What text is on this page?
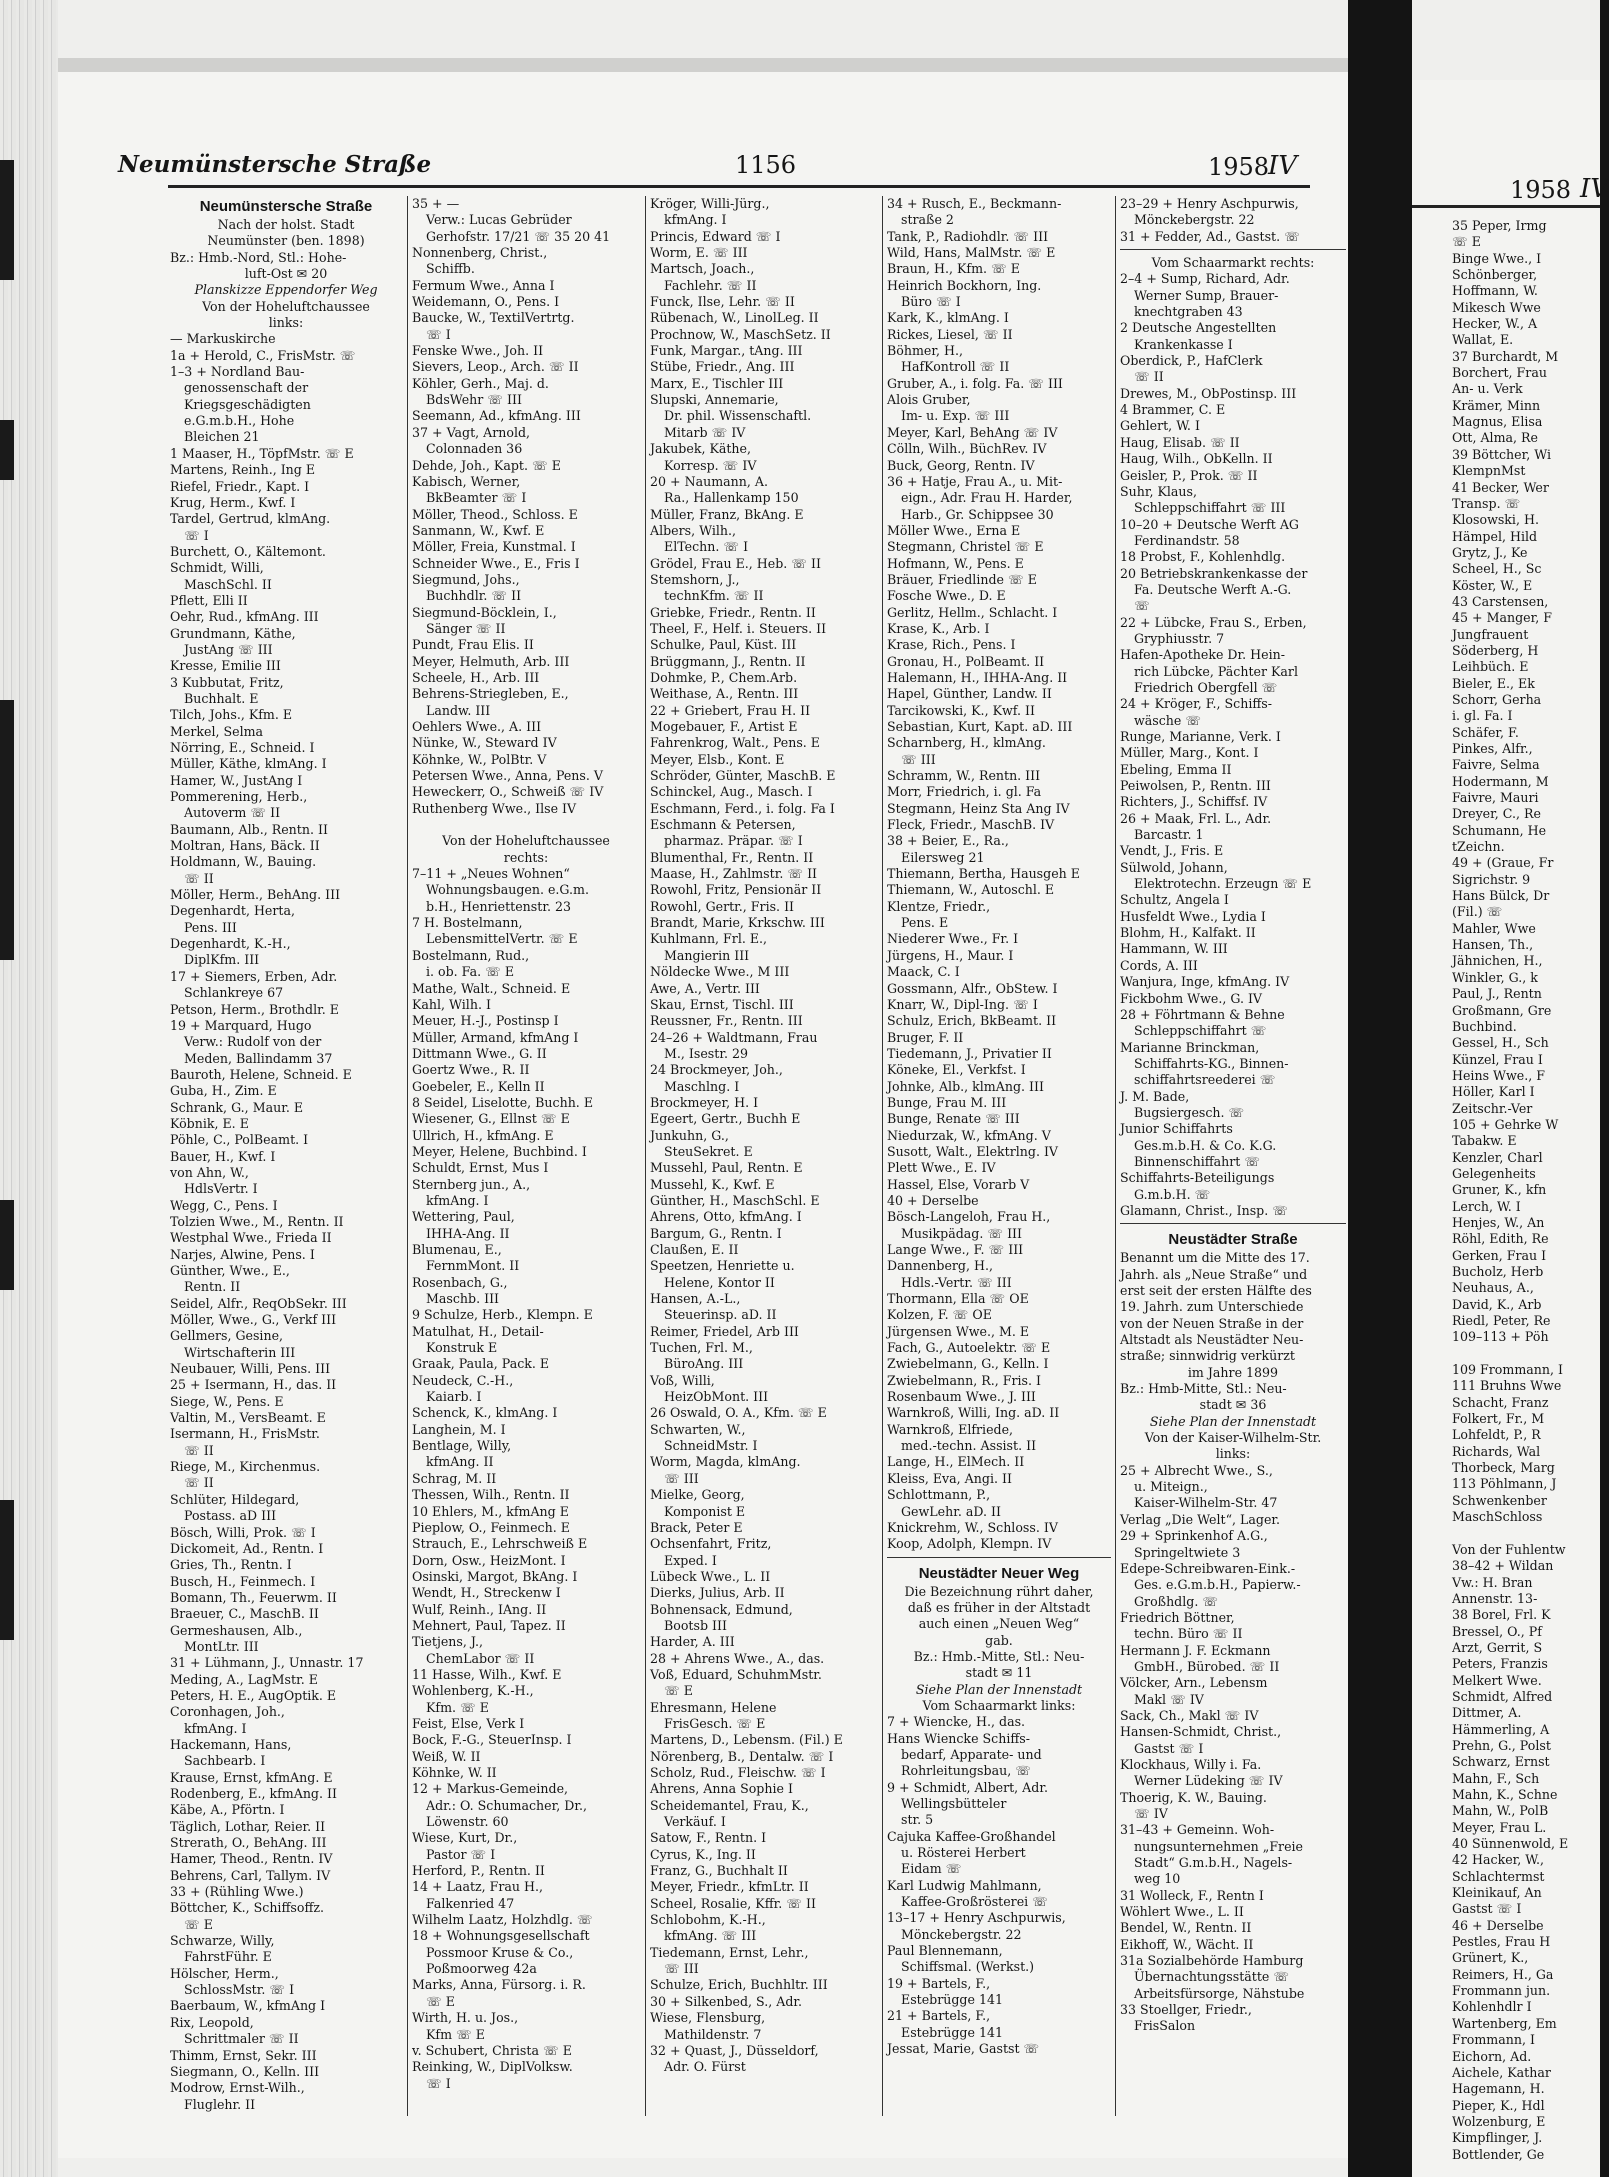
Neumünstersche Straße	1156	1958
IV
Neumünstersche Straße
Nach der holst. Stadt
Neumünster (ben. 1898)
Bz.: Hmb.-Nord, Stl.: Hohe-
luft-Ost ✉ 20
Planskizze Eppendorfer Weg
Von der Hoheluftchaussee
links:
— Markuskirche
1a + Herold, C., FrisMstr. ☏
1–3 + Nordland Bau-
genossenschaft der
Kriegsgeschädigten
e.G.m.b.H., Hohe
Bleichen 21
1 Maaser, H., TöpfMstr. ☏ E
Martens, Reinh., Ing E
Riefel, Friedr., Kapt. I
Krug, Herm., Kwf. I
Tardel, Gertrud, klmAng.
☏ I
Burchett, O., Kältemont.
Schmidt, Willi,
MaschSchl. II
Pflett, Elli II
Oehr, Rud., kfmAng. III
Grundmann, Käthe,
JustAng ☏ III
Kresse, Emilie III
3 Kubbutat, Fritz,
Buchhalt. E
Tilch, Johs., Kfm. E
Merkel, Selma
Nörring, E., Schneid. I
Müller, Käthe, klmAng. I
Hamer, W., JustAng I
Pommerening, Herb.,
Autoverm ☏ II
Baumann, Alb., Rentn. II
Moltran, Hans, Bäck. II
Holdmann, W., Bauing.
☏ II
Möller, Herm., BehAng. III
Degenhardt, Herta,
Pens. III
Degenhardt, K.-H.,
DiplKfm. III
17 + Siemers, Erben, Adr.
Schlankreye 67
Petson, Herm., Brothdlr. E
19 + Marquard, Hugo
Verw.: Rudolf von der
Meden, Ballindamm 37
Bauroth, Helene, Schneid. E
Guba, H., Zim. E
Schrank, G., Maur. E
Köbnik, E. E
Pöhle, C., PolBeamt. I
Bauer, H., Kwf. I
von Ahn, W.,
HdlsVertr. I
Wegg, C., Pens. I
Tolzien Wwe., M., Rentn. II
Westphal Wwe., Frieda II
Narjes, Alwine, Pens. I
Günther, Wwe., E.,
Rentn. II
Seidel, Alfr., ReqObSekr. III
Möller, Wwe., G., Verkf III
Gellmers, Gesine,
Wirtschafterin III
Neubauer, Willi, Pens. III
25 + Isermann, H., das. II
Siege, W., Pens. E
Valtin, M., VersBeamt. E
Isermann, H., FrisMstr.
☏ II
Riege, M., Kirchenmus.
☏ II
Schlüter, Hildegard,
Postass. aD III
Bösch, Willi, Prok. ☏ I
Dickomeit, Ad., Rentn. I
Gries, Th., Rentn. I
Busch, H., Feinmech. I
Bomann, Th., Feuerwm. II
Braeuer, C., MaschB. II
Germeshausen, Alb.,
MontLtr. III
31 + Lühmann, J., Unnastr. 17
Meding, A., LagMstr. E
Peters, H. E., AugOptik. E
Coronhagen, Joh.,
kfmAng. I
Hackemann, Hans,
Sachbearb. I
Krause, Ernst, kfmAng. E
Rodenberg, E., kfmAng. II
Käbe, A., Pförtn. I
Täglich, Lothar, Reier. II
Strerath, O., BehAng. III
Hamer, Theod., Rentn. IV
Behrens, Carl, Tallym. IV
33 + (Rühling Wwe.)
Böttcher, K., Schiffsoffz.
☏ E
Schwarze, Willy,
FahrstFühr. E
Hölscher, Herm.,
SchlossMstr. ☏ I
Baerbaum, W., kfmAng I
Rix, Leopold,
Schrittmaler ☏ II
Thimm, Ernst, Sekr. III
Siegmann, O., Kelln. III
Modrow, Ernst-Wilh.,
Fluglehr. II
35 + —
Verw.: Lucas Gebrüder
Gerhofstr. 17/21 ☏ 35 20 41
Nonnenberg, Christ.,
Schiffb.
Fermum Wwe., Anna I
Weidemann, O., Pens. I
Baucke, W., TextilVertrtg.
☏ I
Fenske Wwe., Joh. II
Sievers, Leop., Arch. ☏ II
Köhler, Gerh., Maj. d.
BdsWehr ☏ III
Seemann, Ad., kfmAng. III
37 + Vagt, Arnold,
Colonnaden 36
Dehde, Joh., Kapt. ☏ E
Kabisch, Werner,
BkBeamter ☏ I
Möller, Theod., Schloss. E
Sanmann, W., Kwf. E
Möller, Freia, Kunstmal. I
Schneider Wwe., E., Fris I
Siegmund, Johs.,
Buchhdlr. ☏ II
Siegmund-Böcklein, I.,
Sänger ☏ II
Pundt, Frau Elis. II
Meyer, Helmuth, Arb. III
Scheele, H., Arb. III
Behrens-Striegleben, E.,
Landw. III
Oehlers Wwe., A. III
Nünke, W., Steward IV
Köhnke, W., PolBtr. V
Petersen Wwe., Anna, Pens. V
Heweckerr, O., Schweiß ☏ IV
Ruthenberg Wwe., Ilse IV

Von der Hoheluftchaussee
rechts:
7–11 + „Neues Wohnen“
Wohnungsbaugen. e.G.m.
b.H., Henriettenstr. 23
7 H. Bostelmann,
LebensmittelVertr. ☏ E
Bostelmann, Rud.,
i. ob. Fa. ☏ E
Mathe, Walt., Schneid. E
Kahl, Wilh. I
Meuer, H.-J., Postinsp I
Müller, Armand, kfmAng I
Dittmann Wwe., G. II
Goertz Wwe., R. II
Goebeler, E., Kelln II
8 Seidel, Liselotte, Buchh. E
Wiesener, G., Ellnst ☏ E
Ullrich, H., kfmAng. E
Meyer, Helene, Buchbind. I
Schuldt, Ernst, Mus I
Sternberg jun., A.,
kfmAng. I
Wettering, Paul,
IHHA-Ang. II
Blumenau, E.,
FernmMont. II
Rosenbach, G.,
Maschb. III
9 Schulze, Herb., Klempn. E
Matulhat, H., Detail-
Konstruk E
Graak, Paula, Pack. E
Neudeck, C.-H.,
Kaiarb. I
Schenck, K., klmAng. I
Langhein, M. I
Bentlage, Willy,
kfmAng. II
Schrag, M. II
Thessen, Wilh., Rentn. II
10 Ehlers, M., kfmAng E
Pieplow, O., Feinmech. E
Strauch, E., Lehrschweiß E
Dorn, Osw., HeizMont. I
Osinski, Margot, BkAng. I
Wendt, H., Streckenw I
Wulf, Reinh., IAng. II
Mehnert, Paul, Tapez. II
Tietjens, J.,
ChemLabor ☏ II
11 Hasse, Wilh., Kwf. E
Wohlenberg, K.-H.,
Kfm. ☏ E
Feist, Else, Verk I
Bock, F.-G., SteuerInsp. I
Weiß, W. II
Köhnke, W. II
12 + Markus-Gemeinde,
Adr.: O. Schumacher, Dr.,
Löwenstr. 60
Wiese, Kurt, Dr.,
Pastor ☏ I
Herford, P., Rentn. II
14 + Laatz, Frau H.,
Falkenried 47
Wilhelm Laatz, Holzhdlg. ☏
18 + Wohnungsgesellschaft
Possmoor Kruse & Co.,
Poßmoorweg 42a
Marks, Anna, Fürsorg. i. R.
☏ E
Wirth, H. u. Jos.,
Kfm ☏ E
v. Schubert, Christa ☏ E
Reinking, W., DiplVolksw.
☏ I
Kröger, Willi-Jürg.,
kfmAng. I
Princis, Edward ☏ I
Worm, E. ☏ III
Martsch, Joach.,
Fachlehr. ☏ II
Funck, Ilse, Lehr. ☏ II
Rübenach, W., LinolLeg. II
Prochnow, W., MaschSetz. II
Funk, Margar., tAng. III
Stübe, Friedr., Ang. III
Marx, E., Tischler III
Slupski, Annemarie,
Dr. phil. Wissenschaftl.
Mitarb ☏ IV
Jakubek, Käthe,
Korresp. ☏ IV
20 + Naumann, A.
Ra., Hallenkamp 150
Müller, Franz, BkAng. E
Albers, Wilh.,
ElTechn. ☏ I
Grödel, Frau E., Heb. ☏ II
Stemshorn, J.,
technKfm. ☏ II
Griebke, Friedr., Rentn. II
Theel, F., Helf. i. Steuers. II
Schulke, Paul, Küst. III
Brüggmann, J., Rentn. II
Dohmke, P., Chem.Arb.
Weithase, A., Rentn. III
22 + Griebert, Frau H. II
Mogebauer, F., Artist E
Fahrenkrog, Walt., Pens. E
Meyer, Elsb., Kont. E
Schröder, Günter, MaschB. E
Schinckel, Aug., Masch. I
Eschmann, Ferd., i. folg. Fa I
Eschmann & Petersen,
pharmaz. Präpar. ☏ I
Blumenthal, Fr., Rentn. II
Maase, H., Zahlmstr. ☏ II
Rowohl, Fritz, Pensionär II
Rowohl, Gertr., Fris. II
Brandt, Marie, Krkschw. III
Kuhlmann, Frl. E.,
Mangierin III
Nöldecke Wwe., M III
Awe, A., Vertr. III
Skau, Ernst, Tischl. III
Reussner, Fr., Rentn. III
24–26 + Waldtmann, Frau
M., Isestr. 29
24 Brockmeyer, Joh.,
Maschlng. I
Brockmeyer, H. I
Egeert, Gertr., Buchh E
Junkuhn, G.,
SteuSekret. E
Mussehl, Paul, Rentn. E
Mussehl, K., Kwf. E
Günther, H., MaschSchl. E
Ahrens, Otto, kfmAng. I
Bargum, G., Rentn. I
Claußen, E. II
Speetzen, Henriette u.
Helene, Kontor II
Hansen, A.-L.,
Steuerinsp. aD. II
Reimer, Friedel, Arb III
Tuchen, Frl. M.,
BüroAng. III
Voß, Willi,
HeizObMont. III
26 Oswald, O. A., Kfm. ☏ E
Schwarten, W.,
SchneidMstr. I
Worm, Magda, klmAng.
☏ III
Mielke, Georg,
Komponist E
Brack, Peter E
Ochsenfahrt, Fritz,
Exped. I
Lübeck Wwe., L. II
Dierks, Julius, Arb. II
Bohnensack, Edmund,
Bootsb III
Harder, A. III
28 + Ahrens Wwe., A., das.
Voß, Eduard, SchuhmMstr.
☏ E
Ehresmann, Helene
FrisGesch. ☏ E
Martens, D., Lebensm. (Fil.) E
Nörenberg, B., Dentalw. ☏ I
Scholz, Rud., Fleischw. ☏ I
Ahrens, Anna Sophie I
Scheidemantel, Frau, K.,
Verkäuf. I
Satow, F., Rentn. I
Cyrus, K., Ing. II
Franz, G., Buchhalt II
Meyer, Friedr., kfmLtr. II
Scheel, Rosalie, Kffr. ☏ II
Schlobohm, K.-H.,
kfmAng. ☏ III
Tiedemann, Ernst, Lehr.,
☏ III
Schulze, Erich, Buchhltr. III
30 + Silkenbed, S., Adr.
Wiese, Flensburg,
Mathildenstr. 7
32 + Quast, J., Düsseldorf,
Adr. O. Fürst
34 + Rusch, E., Beckmann-
straße 2
Tank, P., Radiohdlr. ☏ III
Wild, Hans, MalMstr. ☏ E
Braun, H., Kfm. ☏ E
Heinrich Bockhorn, Ing.
Büro ☏ I
Kark, K., klmAng. I
Rickes, Liesel, ☏ II
Böhmer, H.,
HafKontroll ☏ II
Gruber, A., i. folg. Fa. ☏ III
Alois Gruber,
Im- u. Exp. ☏ III
Meyer, Karl, BehAng ☏ IV
Cölln, Wilh., BüchRev. IV
Buck, Georg, Rentn. IV
36 + Hatje, Frau A., u. Mit-
eign., Adr. Frau H. Harder,
Harb., Gr. Schippsee 30
Möller Wwe., Erna E
Stegmann, Christel ☏ E
Hofmann, W., Pens. E
Bräuer, Friedlinde ☏ E
Fosche Wwe., D. E
Gerlitz, Hellm., Schlacht. I
Krase, K., Arb. I
Krase, Rich., Pens. I
Gronau, H., PolBeamt. II
Halemann, H., IHHA-Ang. II
Hapel, Günther, Landw. II
Tarcikowski, K., Kwf. II
Sebastian, Kurt, Kapt. aD. III
Scharnberg, H., klmAng.
☏ III
Schramm, W., Rentn. III
Morr, Friedrich, i. gl. Fa
Stegmann, Heinz Sta Ang IV
Fleck, Friedr., MaschB. IV
38 + Beier, E., Ra.,
Eilersweg 21
Thiemann, Bertha, Hausgeh E
Thiemann, W., Autoschl. E
Klentze, Friedr.,
Pens. E
Niederer Wwe., Fr. I
Jürgens, H., Maur. I
Maack, C. I
Gossmann, Alfr., ObStew. I
Knarr, W., Dipl-Ing. ☏ I
Schulz, Erich, BkBeamt. II
Bruger, F. II
Tiedemann, J., Privatier II
Köneke, El., Verkfst. I
Johnke, Alb., klmAng. III
Bunge, Frau M. III
Bunge, Renate ☏ III
Niedurzak, W., kfmAng. V
Susott, Walt., Elektrlng. IV
Plett Wwe., E. IV
Hassel, Else, Vorarb V
40 + Derselbe
Bösch-Langeloh, Frau H.,
Musikpädag. ☏ III
Lange Wwe., F. ☏ III
Dannenberg, H.,
Hdls.-Vertr. ☏ III
Thormann, Ella ☏ OE
Kolzen, F. ☏ OE
Jürgensen Wwe., M. E
Fach, G., Autoelektr. ☏ E
Zwiebelmann, G., Kelln. I
Zwiebelmann, R., Fris. I
Rosenbaum Wwe., J. III
Warnkroß, Willi, Ing. aD. II
Warnkroß, Elfriede,
med.-techn. Assist. II
Lange, H., ElMech. II
Kleiss, Eva, Angi. II
Schlottmann, P.,
GewLehr. aD. II
Knickrehm, W., Schloss. IV
Koop, Adolph, Klempn. IV
Neustädter Neuer Weg
Die Bezeichnung rührt daher,
daß es früher in der Altstadt
auch einen „Neuen Weg“
gab.
Bz.: Hmb.-Mitte, Stl.: Neu-
stadt ✉ 11
Siehe Plan der Innenstadt
Vom Schaarmarkt links:
7 + Wiencke, H., das.
Hans Wiencke Schiffs-
bedarf, Apparate- und
Rohrleitungsbau, ☏
9 + Schmidt, Albert, Adr.
Wellingsbütteler
str. 5
Cajuka Kaffee-Großhandel
u. Rösterei Herbert
Eidam ☏
Karl Ludwig Mahlmann,
Kaffee-Großrösterei ☏
13–17 + Henry Aschpurwis,
Mönckebergstr. 22
Paul Blennemann,
Schiffsmal. (Werkst.)
19 + Bartels, F.,
Estebrügge 141
21 + Bartels, F.,
Estebrügge 141
Jessat, Marie, Gastst ☏
23–29 + Henry Aschpurwis,
Mönckebergstr. 22
31 + Fedder, Ad., Gastst. ☏
Vom Schaarmarkt rechts:
2–4 + Sump, Richard, Adr.
Werner Sump, Brauer-
knechtgraben 43
2 Deutsche Angestellten
Krankenkasse I
Oberdick, P., HafClerk
☏ II
Drewes, M., ObPostinsp. III
4 Brammer, C. E
Gehlert, W. I
Haug, Elisab. ☏ II
Haug, Wilh., ObKelln. II
Geisler, P., Prok. ☏ II
Suhr, Klaus,
Schleppschiffahrt ☏ III
10–20 + Deutsche Werft AG
Ferdinandstr. 58
18 Probst, F., Kohlenhdlg.
20 Betriebskrankenkasse der
Fa. Deutsche Werft A.-G.
☏
22 + Lübcke, Frau S., Erben,
Gryphiusstr. 7
Hafen-Apotheke Dr. Hein-
rich Lübcke, Pächter Karl
Friedrich Obergfell ☏
24 + Kröger, F., Schiffs-
wäsche ☏
Runge, Marianne, Verk. I
Müller, Marg., Kont. I
Ebeling, Emma II
Peiwolsen, P., Rentn. III
Richters, J., Schiffsf. IV
26 + Maak, Frl. L., Adr.
Barcastr. 1
Vendt, J., Fris. E
Sülwold, Johann,
Elektrotechn. Erzeugn ☏ E
Schultz, Angela I
Husfeldt Wwe., Lydia I
Blohm, H., Kalfakt. II
Hammann, W. III
Cords, A. III
Wanjura, Inge, kfmAng. IV
Fickbohm Wwe., G. IV
28 + Föhrtmann & Behne
Schleppschiffahrt ☏
Marianne Brinckman,
Schiffahrts-KG., Binnen-
schiffahrtsreederei ☏
J. M. Bade,
Bugsiergesch. ☏
Junior Schiffahrts
Ges.m.b.H. & Co. K.G.
Binnenschiffahrt ☏
Schiffahrts-Beteiligungs
G.m.b.H. ☏
Glamann, Christ., Insp. ☏
Neustädter Straße
Benannt um die Mitte des 17.
Jahrh. als „Neue Straße“ und
erst seit der ersten Hälfte des
19. Jahrh. zum Unterschiede
von der Neuen Straße in der
Altstadt als Neustädter Neu-
straße; sinnwidrig verkürzt
im Jahre 1899
Bz.: Hmb-Mitte, Stl.: Neu-
stadt ✉ 36
Siehe Plan der Innenstadt
Von der Kaiser-Wilhelm-Str.
links:
25 + Albrecht Wwe., S.,
u. Miteign.,
Kaiser-Wilhelm-Str. 47
Verlag „Die Welt“, Lager.
29 + Sprinkenhof A.G.,
Springeltwiete 3
Edepe-Schreibwaren-Eink.-
Ges. e.G.m.b.H., Papierw.-
Großhdlg. ☏
Friedrich Böttner,
techn. Büro ☏ II
Hermann J. F. Eckmann
GmbH., Bürobed. ☏ II
Völcker, Arn., Lebensm
Makl ☏ IV
Sack, Ch., Makl ☏ IV
Hansen-Schmidt, Christ.,
Gastst ☏ I
Klockhaus, Willy i. Fa.
Werner Lüdeking ☏ IV
Thoerig, K. W., Bauing.
☏ IV
31–43 + Gemeinn. Woh-
nungsunternehmen „Freie
Stadt“ G.m.b.H., Nagels-
weg 10
31 Wolleck, F., Rentn I
Wöhlert Wwe., L. II
Bendel, W., Rentn. II
Eikhoff, W., Wächt. II
31a Sozialbehörde Hamburg
Übernachtungsstätte ☏
Arbeitsfürsorge, Nähstube
33 Stoellger, Friedr.,
FrisSalon
1958 IV
35 Peper, Irmg
☏ E
Binge Wwe., I
Schönberger,
Hoffmann, W.
Mikesch Wwe
Hecker, W., A
Wallat, E.
37 Burchardt, M
Borchert, Frau
An- u. Verk
Krämer, Minn
Magnus, Elisa
Ott, Alma, Re
39 Böttcher, Wi
KlempnMst
41 Becker, Wer
Transp. ☏
Klosowski, H.
Hämpel, Hild
Grytz, J., Ke
Scheel, H., Sc
Köster, W., E
43 Carstensen,
45 + Manger, F
Jungfrauent
Söderberg, H
Leihbüch. E
Bieler, E., Ek
Schorr, Gerha
i. gl. Fa. I
Schäfer, F.
Pinkes, Alfr.,
Faivre, Selma
Hodermann, M
Faivre, Mauri
Dreyer, C., Re
Schumann, He
tZeichn.
49 + (Graue, Fr
Sigrichstr. 9
Hans Bülck, Dr
(Fil.) ☏
Mahler, Wwe
Hansen, Th.,
Jähnichen, H.,
Winkler, G., k
Paul, J., Rentn
Großmann, Gre
Buchbind.
Gessel, H., Sch
Künzel, Frau I
Heins Wwe., F
Höller, Karl I
Zeitschr.-Ver
105 + Gehrke W
Tabakw. E
Kenzler, Charl
Gelegenheits
Gruner, K., kfn
Lerch, W. I
Henjes, W., An
Röhl, Edith, Re
Gerken, Frau I
Bucholz, Herb
Neuhaus, A.,
David, K., Arb
Riedl, Peter, Re
109–113 + Pöh

109 Frommann, I
111 Bruhns Wwe
Schacht, Franz
Folkert, Fr., M
Lohfeldt, P., R
Richards, Wal
Thorbeck, Marg
113 Pöhlmann, J
Schwenkenber
MaschSchloss

Von der Fuhlentw
38–42 + Wildan
Vw.: H. Bran
Annenstr. 13-
38 Borel, Frl. K
Bressel, O., Pf
Arzt, Gerrit, S
Peters, Franzis
Melkert Wwe.
Schmidt, Alfred
Dittmer, A.
Hämmerling, A
Prehn, G., Polst
Schwarz, Ernst
Mahn, F., Sch
Mahn, K., Schne
Mahn, W., PolB
Meyer, Frau L.
40 Sünnenwold, E
42 Hacker, W.,
Schlachtermst
Kleinikauf, An
Gastst ☏ I
46 + Derselbe
Pestles, Frau H
Grünert, K.,
Reimers, H., Ga
Frommann jun.
Kohlenhdlr I
Wartenberg, Em
Frommann, I
Eichorn, Ad.
Aichele, Kathar
Hagemann, H.
Pieper, K., Hdl
Wolzenburg, E
Kimpflinger, J.
Bottlender, Ge
